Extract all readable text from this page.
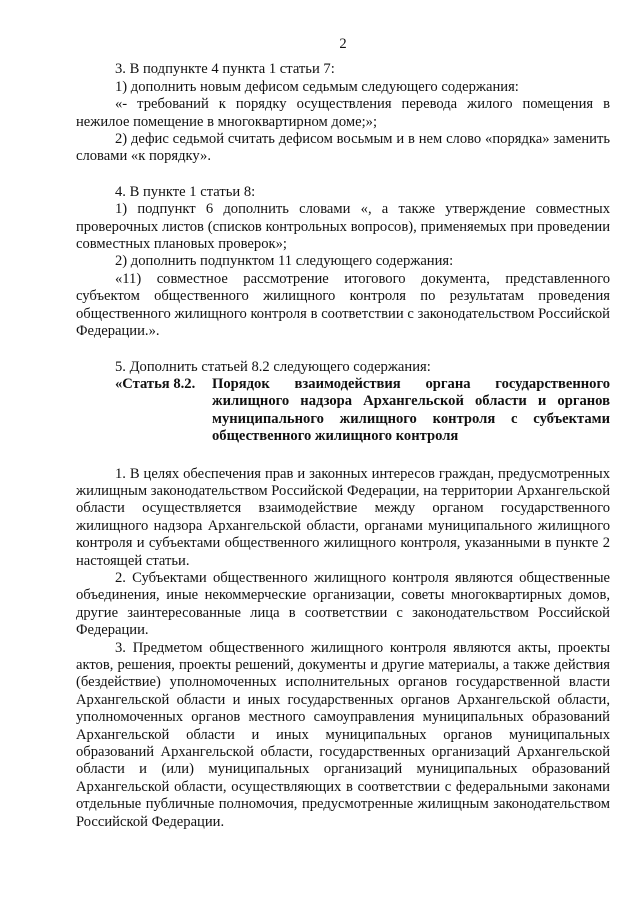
2

3. В подпункте 4 пункта 1 статьи 7:

1) дополнить новым дефисом седьмым следующего содержания:

«- требований к порядку осуществления перевода жилого помещения в нежилое помещение в многоквартирном доме;»;

2) дефис седьмой считать дефисом восьмым и в нем слово «порядка» заменить словами «к порядку».

4. В пункте 1 статьи 8:

1) подпункт 6 дополнить словами «, а также утверждение совместных проверочных листов (списков контрольных вопросов), применяемых при проведении совместных плановых проверок»;

2) дополнить подпунктом 11 следующего содержания:

«11) совместное рассмотрение итогового документа, представленного субъектом общественного жилищного контроля по результатам проведения общественного жилищного контроля в соответствии с законодательством Российской Федерации.».

5. Дополнить статьей 8.2 следующего содержания:

«Статья 8.2.	Порядок взаимодействия органа государственного жилищного надзора Архангельской области и органов муниципального жилищного контроля с субъектами общественного жилищного контроля

1. В целях обеспечения прав и законных интересов граждан, предусмотренных жилищным законодательством Российской Федерации, на территории Архангельской области осуществляется взаимодействие между органом государственного жилищного надзора Архангельской области, органами муниципального жилищного контроля и субъектами общественного жилищного контроля, указанными в пункте 2 настоящей статьи.

2. Субъектами общественного жилищного контроля являются общественные объединения, иные некоммерческие организации, советы многоквартирных домов, другие заинтересованные лица в соответствии с законодательством Российской Федерации.

3. Предметом общественного жилищного контроля являются акты, проекты актов, решения, проекты решений, документы и другие материалы, а также действия (бездействие) уполномоченных исполнительных органов государственной власти Архангельской области и иных государственных органов Архангельской области, уполномоченных органов местного самоуправления муниципальных образований Архангельской области и иных муниципальных органов муниципальных образований Архангельской области, государственных организаций Архангельской области и (или) муниципальных организаций муниципальных образований Архангельской области, осуществляющих в соответствии с федеральными законами отдельные публичные полномочия, предусмотренные жилищным законодательством Российской Федерации.
